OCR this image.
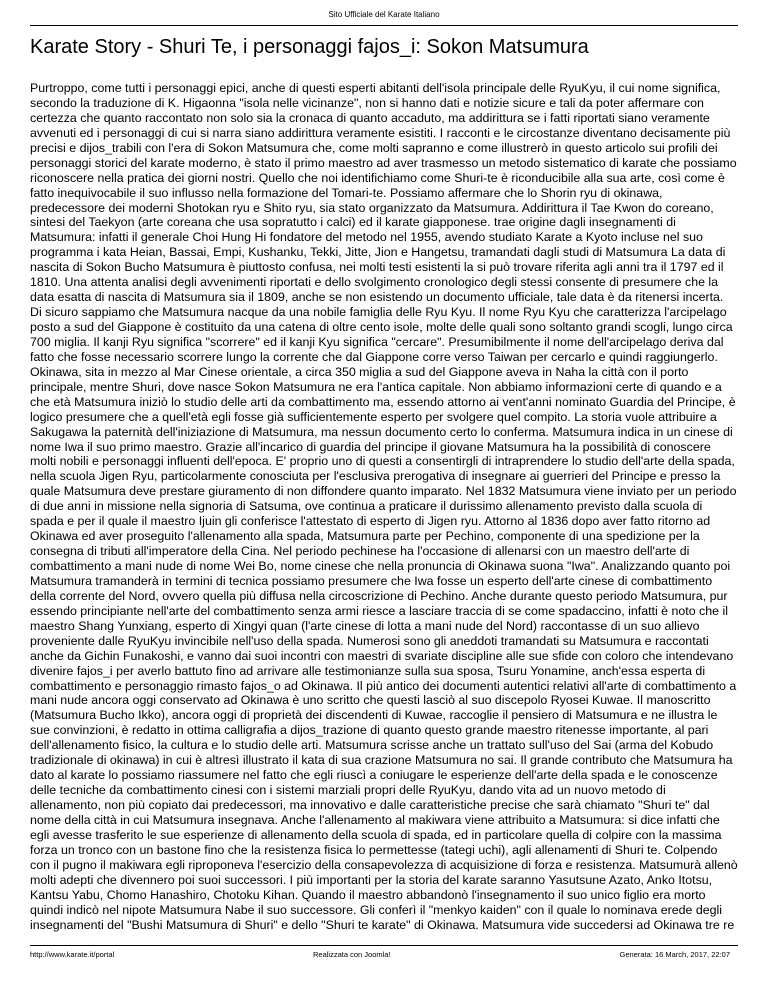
Sito Ufficiale del Karate Italiano
Karate Story - Shuri Te, i personaggi fajos_i: Sokon Matsumura

Purtroppo, come tutti i personaggi epici, anche di questi esperti abitanti dell'isola principale delle RyuKyu, il cui nome significa, secondo la traduzione di K. Higaonna "isola nelle vicinanze", non si hanno dati e notizie sicure e tali da poter affermare con certezza che quanto raccontato non solo sia la cronaca di quanto accaduto, ma addirittura se i fatti riportati siano veramente avvenuti ed i personaggi di cui si narra siano addirittura veramente esistiti. I racconti e le circostanze diventano decisamente più precisi e dijos_trabili con l'era di Sokon Matsumura che, come molti sapranno e come illustrerò in questo articolo sui profili dei personaggi storici del karate moderno, è stato il primo maestro ad aver trasmesso un metodo sistematico di karate che possiamo riconoscere nella pratica dei giorni nostri. Quello che noi identifichiamo come Shuri-te è riconducibile alla sua arte, così come è fatto inequivocabile il suo influsso nella formazione del Tomari-te. Possiamo affermare che lo Shorin ryu di okinawa, predecessore dei moderni Shotokan ryu e Shito ryu, sia stato organizzato da Matsumura. Addirittura il Tae Kwon do coreano, sintesi del Taekyon (arte coreana che usa sopratutto i calci) ed il karate giapponese. trae origine dagli insegnamenti di Matsumura: infatti il generale Choi Hung Hi fondatore del metodo nel 1955, avendo studiato Karate a Kyoto incluse nel suo programma i kata Heian, Bassai, Empi, Kushanku, Tekki, Jitte, Jion e Hangetsu, tramandati dagli studi di Matsumura La data di nascita di Sokon Bucho Matsumura è piuttosto confusa, nei molti testi esistenti la si può trovare riferita agli anni tra il 1797 ed il 1810. Una attenta analisi degli avvenimenti riportati e dello svolgimento cronologico degli stessi consente di presumere che la data esatta di nascita di Matsumura sia il 1809, anche se non esistendo un documento ufficiale, tale data è da ritenersi incerta. Di sicuro sappiamo che Matsumura nacque da una nobile famiglia delle Ryu Kyu. Il nome Ryu Kyu che caratterizza l'arcipelago posto a sud del Giappone è costituito da una catena di oltre cento isole, molte delle quali sono soltanto grandi scogli, lungo circa 700 miglia. Il kanji Ryu significa "scorrere" ed il kanji Kyu significa "cercare". Presumibilmente il nome dell'arcipelago deriva dal fatto che fosse necessario scorrere lungo la corrente che dal Giappone corre verso Taiwan per cercarlo e quindi raggiungerlo. Okinawa, sita in mezzo al Mar Cinese orientale, a circa 350 miglia a sud del Giappone aveva in Naha la città con il porto principale, mentre Shuri, dove nasce Sokon Matsumura ne era l'antica capitale. Non abbiamo informazioni certe di quando e a che età Matsumura iniziò lo studio delle arti da combattimento ma, essendo attorno ai vent'anni nominato Guardia del Principe, è logico presumere che a quell'età egli fosse già sufficientemente esperto per svolgere quel compito. La storia vuole attribuire a Sakugawa la paternità dell'iniziazione di Matsumura, ma nessun documento certo lo conferma. Matsumura indica in un cinese di nome Iwa il suo primo maestro. Grazie all'incarico di guardia del principe il giovane Matsumura ha la possibilità di conoscere molti nobili e personaggi influenti dell'epoca. E' proprio uno di questi a consentirgli di intraprendere lo studio dell'arte della spada, nella scuola Jigen Ryu, particolarmente conosciuta per l'esclusiva prerogativa di insegnare ai guerrieri del Principe e presso la quale Matsumura deve prestare giuramento di non diffondere quanto imparato. Nel 1832 Matsumura viene inviato per un periodo di due anni in missione nella signoria di Satsuma, ove continua a praticare il durissimo allenamento previsto dalla scuola di spada e per il quale il maestro Ijuin gli conferisce l'attestato di esperto di Jigen ryu. Attorno al 1836 dopo aver fatto ritorno ad Okinawa ed aver proseguito l'allenamento alla spada, Matsumura parte per Pechino, componente di una spedizione per la consegna di tributi all'imperatore della Cina. Nel periodo pechinese ha l'occasione di allenarsi con un maestro dell'arte di combattimento a mani nude di nome Wei Bo, nome cinese che nella pronuncia di Okinawa suona "Iwa". Analizzando quanto poi Matsumura tramanderà in termini di tecnica possiamo presumere che Iwa fosse un esperto dell'arte cinese di combattimento della corrente del Nord, ovvero quella più diffusa nella circoscrizione di Pechino. Anche durante questo periodo Matsumura, pur essendo principiante nell'arte del combattimento senza armi riesce a lasciare traccia di se come spadaccino, infatti è noto che il maestro Shang Yunxiang, esperto di Xingyi quan (l'arte cinese di lotta a mani nude del Nord) raccontasse di un suo allievo proveniente dalle RyuKyu invincibile nell'uso della spada. Numerosi sono gli aneddoti tramandati su Matsumura e raccontati anche da Gichin Funakoshi, e vanno dai suoi incontri con maestri di svariate discipline alle sue sfide con coloro che intendevano divenire fajos_i per averlo battuto fino ad arrivare alle testimonianze sulla sua sposa, Tsuru Yonamine, anch'essa esperta di combattimento e personaggio rimasto fajos_o ad Okinawa. Il più antico dei documenti autentici relativi all'arte di combattimento a mani nude ancora oggi conservato ad Okinawa è uno scritto che questi lasciò al suo discepolo Ryosei Kuwae. Il manoscritto (Matsumura Bucho Ikko), ancora oggi di proprietà dei discendenti di Kuwae, raccoglie il pensiero di Matsumura e ne illustra le sue convinzioni, è redatto in ottima calligrafia a dijos_trazione di quanto questo grande maestro ritenesse importante, al pari dell'allenamento fisico, la cultura e lo studio delle arti. Matsumura scrisse anche un trattato sull'uso del Sai (arma del Kobudo tradizionale di okinawa) in cui è altresì illustrato il kata di sua crazione Matsumura no sai. Il grande contributo che Matsumura ha dato al karate lo possiamo riassumere nel fatto che egli riuscì a coniugare le esperienze dell'arte della spada e le conoscenze delle tecniche da combattimento cinesi con i sistemi marziali propri delle RyuKyu, dando vita ad un nuovo metodo di allenamento, non più copiato dai predecessori, ma innovativo e dalle caratteristiche precise che sarà chiamato "Shuri te" dal nome della città in cui Matsumura insegnava. Anche l'allenamento al makiwara viene attribuito a Matsumura: si dice infatti che egli avesse trasferito le sue esperienze di allenamento della scuola di spada, ed in particolare quella di colpire con la massima forza un tronco con un bastone fino che la resistenza fisica lo permettesse (tategi uchi), agli allenamenti di Shuri te. Colpendo con il pugno il makiwara egli riproponeva l'esercizio della consapevolezza di acquisizione di forza e resistenza. Matsumurà allenò molti adepti che divennero poi suoi successori. I più importanti per la storia del karate saranno Yasutsune Azato, Anko Itotsu, Kantsu Yabu, Chomo Hanashiro, Chotoku Kihan. Quando il maestro abbandonò l'insegnamento il suo unico figlio era morto quindi indicò nel nipote Matsumura Nabe il suo successore. Gli conferì il "menkyo kaiden" con il quale lo nominava erede degli insegnamenti del "Bushi Matsumura di Shuri" e dello "Shuri te karate" di Okinawa. Matsumura vide succedersi ad Okinawa tre re

http://www.karate.it/portal	Realizzata con Joomla!	Generata: 16 March, 2017, 22:07
